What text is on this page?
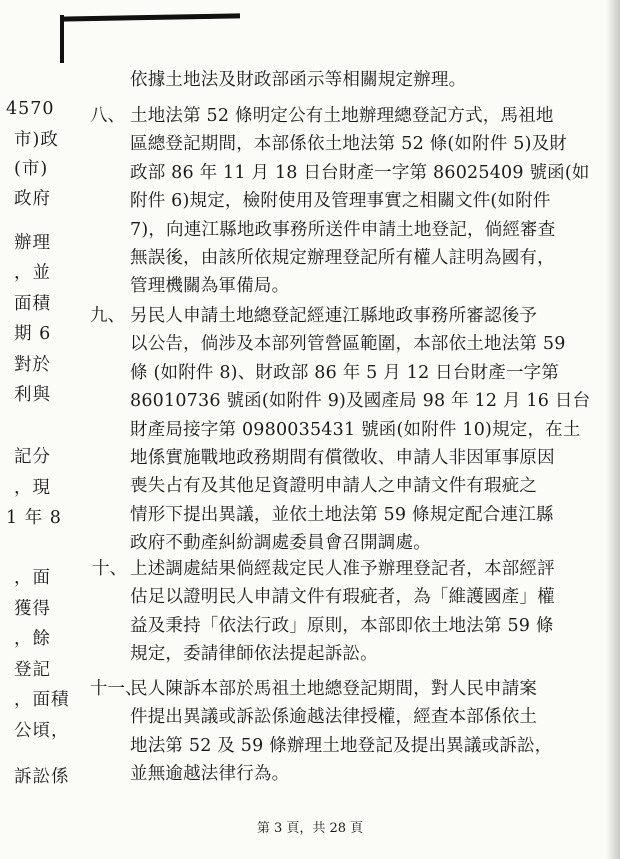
4570
市)政
(市)
政府
辦理
，並
面積
期 6
對於
利與
記分
，現
1 年 8
，面
獲得
，餘
登記
，面積
公頃，
訴訟係
依據土地法及財政部函示等相關規定辦理。
八、 土地法第 52 條明定公有土地辦理總登記方式，馬祖地
區總登記期間，本部係依土地法第 52 條(如附件 5)及財
政部 86 年 11 月 18 日台財產一字第 86025409 號函(如
附件 6)規定，檢附使用及管理事實之相關文件(如附件
7)，向連江縣地政事務所送件申請土地登記，倘經審查
無誤後，由該所依規定辦理登記所有權人註明為國有，
管理機關為軍備局。
九、 另民人申請土地總登記經連江縣地政事務所審認後予
以公告，倘涉及本部列管營區範圍，本部依土地法第 59
條 (如附件 8)、財政部 86 年 5 月 12 日台財產一字第
86010736 號函(如附件 9)及國產局 98 年 12 月 16 日台
財產局接字第 0980035431 號函(如附件 10)規定，在土
地係實施戰地政務期間有償徵收、申請人非因軍事原因
喪失占有及其他足資證明申請人之申請文件有瑕疵之
情形下提出異議，並依土地法第 59 條規定配合連江縣
政府不動產糾紛調處委員會召開調處。
十、 上述調處結果倘經裁定民人准予辦理登記者，本部經評
估足以證明民人申請文件有瑕疵者，為「維護國產」權
益及秉持「依法行政」原則，本部即依土地法第 59 條
規定，委請律師依法提起訴訟。
十一、
民人陳訴本部於馬祖土地總登記期間，對人民申請案
件提出異議或訴訟係逾越法律授權，經查本部係依土
地法第 52 及 59 條辦理土地登記及提出異議或訴訟，
並無逾越法律行為。
第 3 頁，共 28 頁
